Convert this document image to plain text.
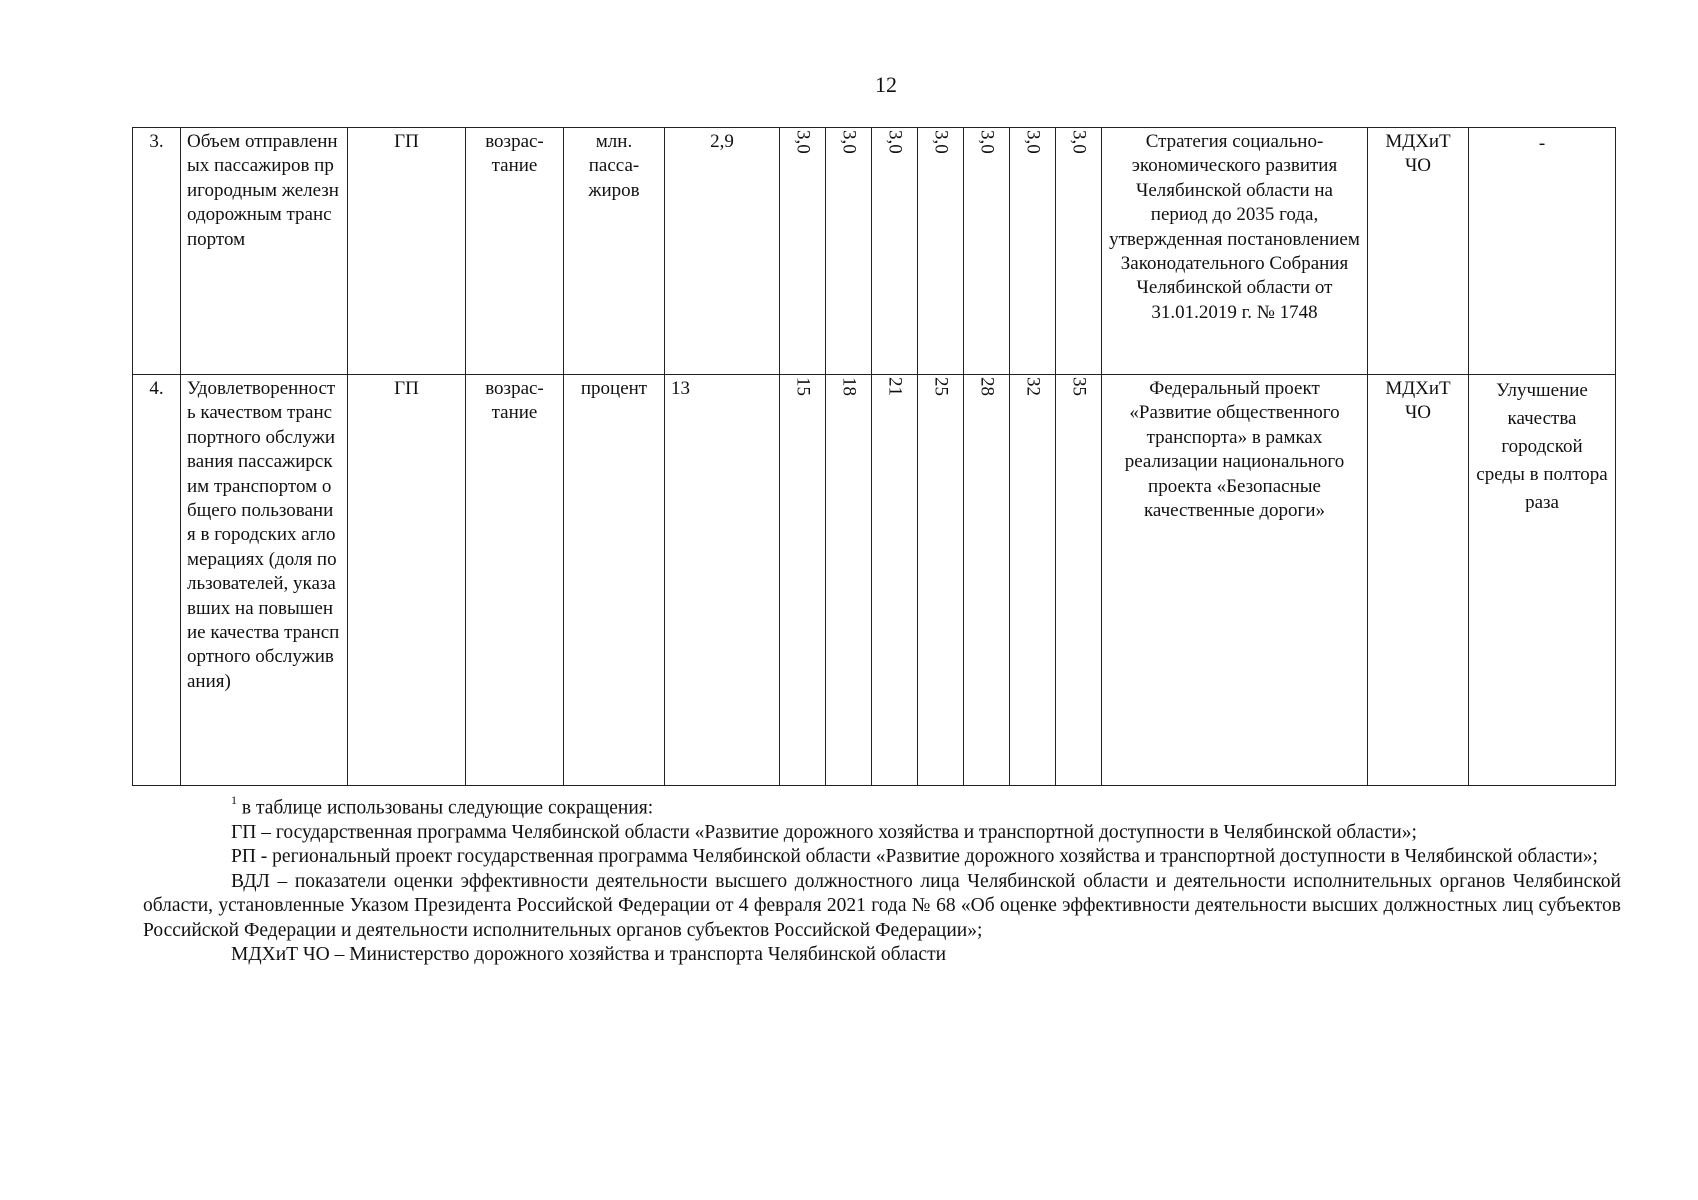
12
3.	Объем отправленных пассажиров пригородным железнодорожным транспортом	ГП	возрас-тание	млн. пасса-жиров	2,9	3,0	3,0	3,0	3,0	3,0	3,0	3,0	Стратегия социально-экономического развития Челябинской области на период до 2035 года, утвержденная постановлением Законодательного Собрания Челябинской области от 31.01.2019 г. № 1748	МДХиТ ЧО	-
4.	Удовлетворенность качеством транспортного обслуживания пассажирским транспортом общего пользования в городских агломерациях (доля пользователей, указавших на повышение качества транспортного обслуживания)	ГП	возрас-тание	процент	13	15	18	21	25	28	32	35	Федеральный проект «Развитие общественного транспорта» в рамках реализации национального проекта «Безопасные качественные дороги»	МДХиТ ЧО	Улучшение качества городской среды в полтора раза

$^1$ в таблице использованы следующие сокращения:

ГП – государственная программа Челябинской области «Развитие дорожного хозяйства и транспортной доступности в Челябинской области»;

РП - региональный проект государственная программа Челябинской области «Развитие дорожного хозяйства и транспортной доступности в Челябинской области»;

ВДЛ – показатели оценки эффективности деятельности высшего должностного лица Челябинской области и деятельности исполнительных органов Челябинской области, установленные Указом Президента Российской Федерации от 4 февраля 2021 года № 68 «Об оценке эффективности деятельности высших должностных лиц субъектов Российской Федерации и деятельности исполнительных органов субъектов Российской Федерации»;

МДХиТ ЧО – Министерство дорожного хозяйства и транспорта Челябинской области
